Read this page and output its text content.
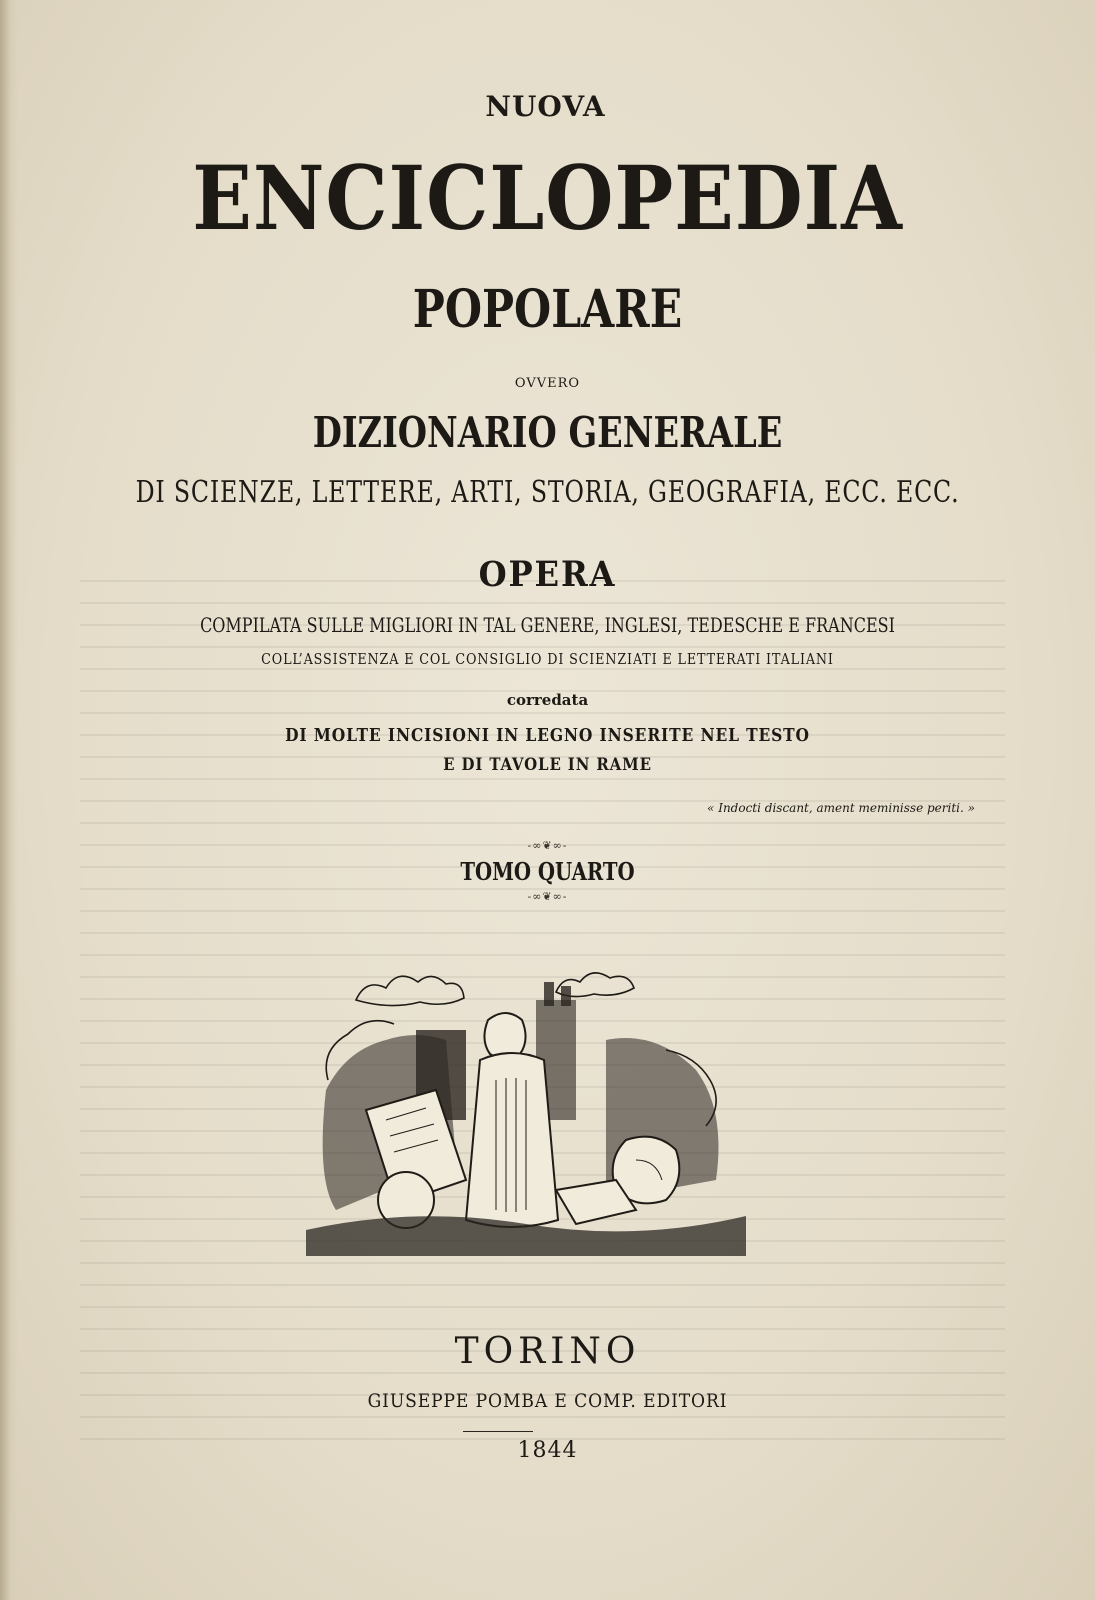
NUOVA
ENCICLOPEDIA
POPOLARE
OVVERO
DIZIONARIO GENERALE
DI SCIENZE, LETTERE, ARTI, STORIA, GEOGRAFIA, ECC. ECC.
OPERA
COMPILATA SULLE MIGLIORI IN TAL GENERE, INGLESI, TEDESCHE E FRANCESI
COLL’ASSISTENZA E COL CONSIGLIO DI SCIENZIATI E LETTERATI ITALIANI
corredata
DI MOLTE INCISIONI IN LEGNO INSERITE NEL TESTO
E DI TAVOLE IN RAME
« Indocti discant, ament meminisse periti. »
-∞❦∞-
TOMO QUARTO
-∞❦∞-
TORINO
GIUSEPPE POMBA E COMP. EDITORI
1844
